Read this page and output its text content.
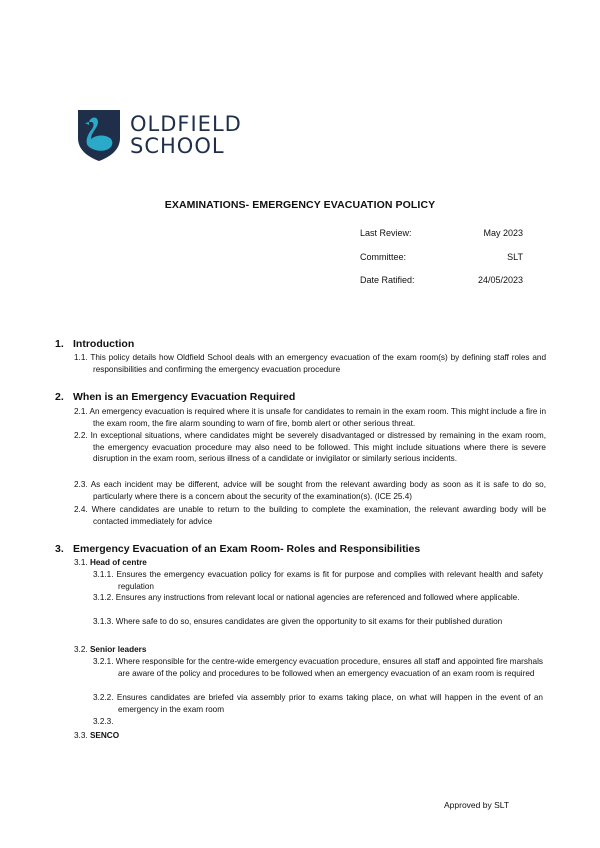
OLDFIELD
SCHOOL
EXAMINATIONS- EMERGENCY EVACUATION POLICY
Last Review:	May 2023
Committee:	SLT
Date Ratified:	24/05/2023
1. Introduction
1.1. This policy details how Oldfield School deals with an emergency evacuation of the exam room(s) by defining staff roles and responsibilities and confirming the emergency evacuation procedure
2. When is an Emergency Evacuation Required
2.1. An emergency evacuation is required where it is unsafe for candidates to remain in the exam room. This might include a fire in the exam room, the fire alarm sounding to warn of fire, bomb alert or other serious threat.
2.2. In exceptional situations, where candidates might be severely disadvantaged or distressed by remaining in the exam room, the emergency evacuation procedure may also need to be followed. This might include situations where there is severe disruption in the exam room, serious illness of a candidate or invigilator or similarly serious incidents.
2.3. As each incident may be different, advice will be sought from the relevant awarding body as soon as it is safe to do so, particularly where there is a concern about the security of the examination(s). (ICE 25.4)
2.4. Where candidates are unable to return to the building to complete the examination, the relevant awarding body will be contacted immediately for advice
3. Emergency Evacuation of an Exam Room- Roles and Responsibilities
3.1. Head of centre
3.1.1. Ensures the emergency evacuation policy for exams is fit for purpose and complies with relevant health and safety regulation
3.1.2. Ensures any instructions from relevant local or national agencies are referenced and followed where applicable.
3.1.3. Where safe to do so, ensures candidates are given the opportunity to sit exams for their published duration
3.2. Senior leaders
3.2.1. Where responsible for the centre-wide emergency evacuation procedure, ensures all staff and appointed fire marshals are aware of the policy and procedures to be followed when an emergency evacuation of an exam room is required
3.2.2. Ensures candidates are briefed via assembly prior to exams taking place, on what will happen in the event of an emergency in the exam room
3.2.3.
3.3. SENCO
Approved by SLT
